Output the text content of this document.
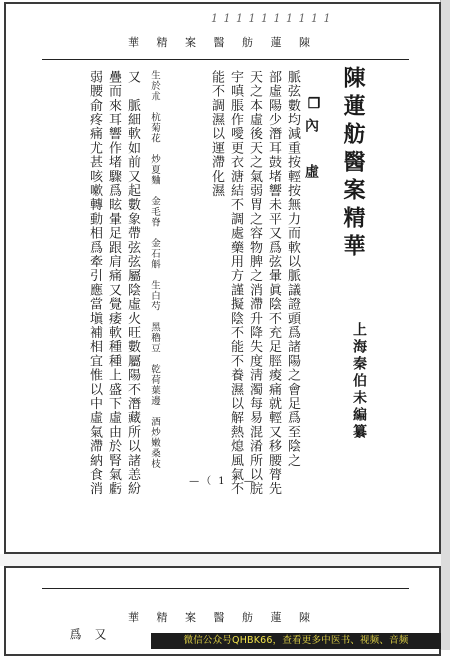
1 1 1 1 1 1 1 1 1 1
華 精 案 醫 舫 蓮 陳
陳蓮舫醫案精華
上海秦伯未編纂
❐
內 虛
脈弦數均減重按輕按無力而軟以脈議證頭爲諸陽之會足爲至陰之
部虛陽少潛耳鼓堵響未平又爲弦暈眞陰不充足脛痠痛就輕又移腰膂先
天之本虛後天之氣弱胃之容物脾之消滯升降失度淸濁每易混淆所以脘
宇嗔脹作噯更衣溏結不調處藥用方謹擬陰不能不養濕以解熱熄風氣不
能不調濕以運滯化濕
生於朮　杭菊花　炒夏麯　金毛脊　金石斛　生白芍　黑穭豆　乾荷葉邊　酒炒嫩桑枝
又　脈細軟如前又起數象帶弦弦屬陰虛火旺數屬陽不潛藏所以諸恙紛
疊而來耳響作堵驟爲眩暈足跟肩痛又覺痿軟種種上盛下虛由於腎氣虧
弱腰俞疼痛尤甚咳嗽轉動相爲牽引應當塡補相宜惟以中虛氣滯納食消	—（ 1 ）—
華 精 案 醫 舫 蓮 陳
又
爲	微信公众号QHBK66，查看更多中医书、视频、音频
